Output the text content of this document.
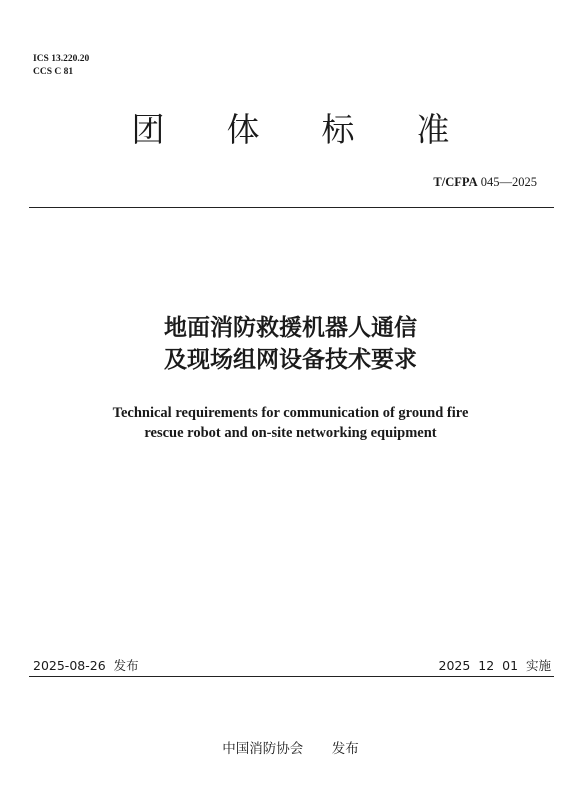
ICS 13.220.20
CCS C 81
团体标准
T/CFPA 045—2025
地面消防救援机器人通信
及现场组网设备技术要求
Technical requirements for communication of ground fire
rescue robot and on-site networking equipment
2025-08-26  发布	2025  12  01  实施
中国消防协会  发布
